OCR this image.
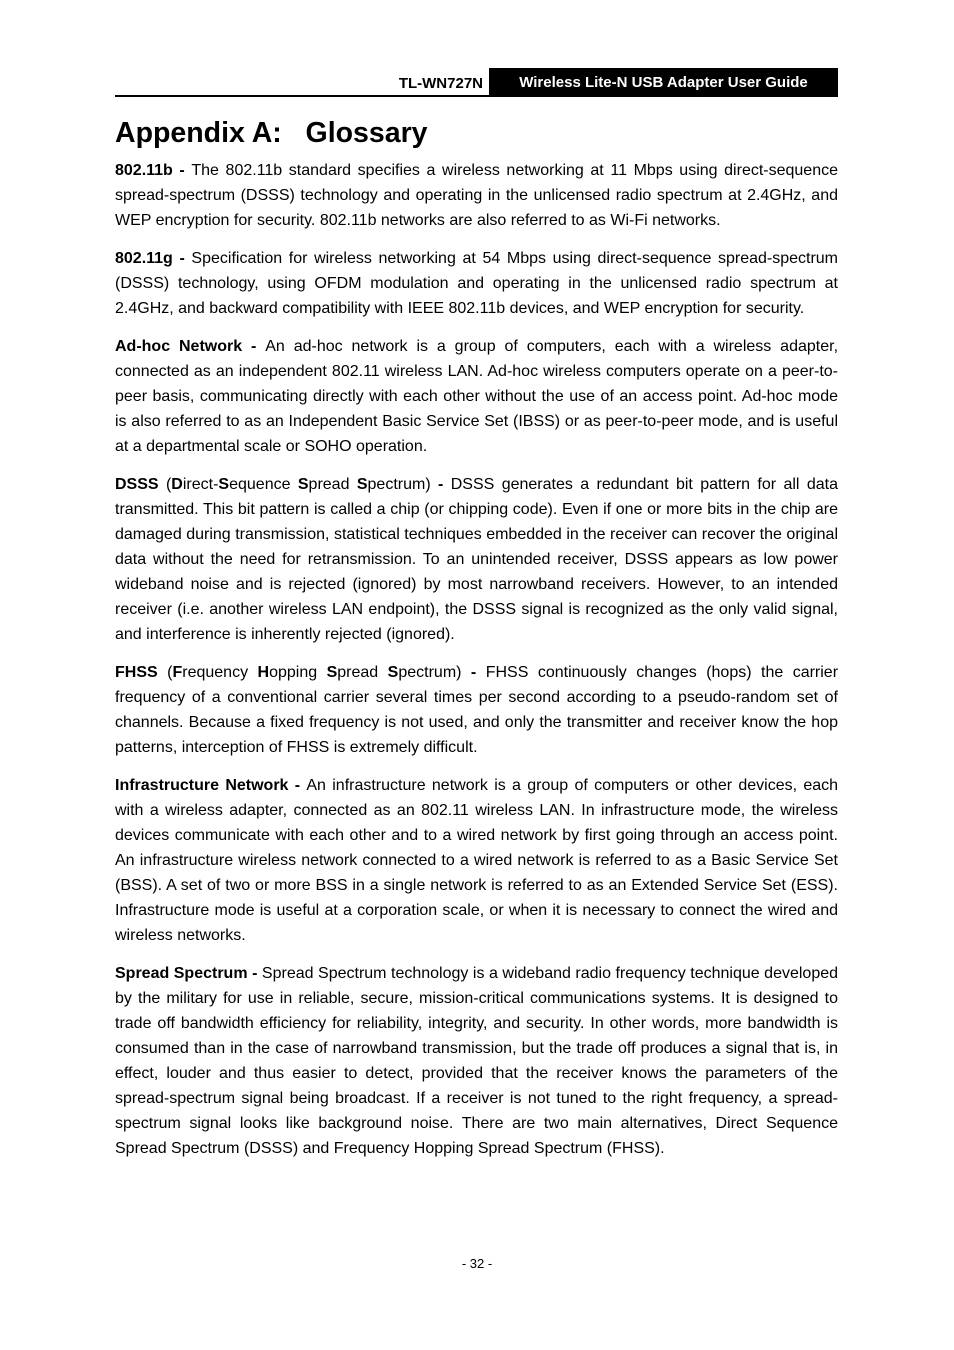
TL-WN727N	Wireless Lite-N USB Adapter User Guide
Appendix A:   Glossary

802.11b - The 802.11b standard specifies a wireless networking at 11 Mbps using direct-sequence spread-spectrum (DSSS) technology and operating in the unlicensed radio spectrum at 2.4GHz, and WEP encryption for security. 802.11b networks are also referred to as Wi-Fi networks.

802.11g - Specification for wireless networking at 54 Mbps using direct-sequence spread-spectrum (DSSS) technology, using OFDM modulation and operating in the unlicensed radio spectrum at 2.4GHz, and backward compatibility with IEEE 802.11b devices, and WEP encryption for security.

Ad-hoc Network - An ad-hoc network is a group of computers, each with a wireless adapter, connected as an independent 802.11 wireless LAN. Ad-hoc wireless computers operate on a peer-to-peer basis, communicating directly with each other without the use of an access point. Ad-hoc mode is also referred to as an Independent Basic Service Set (IBSS) or as peer-to-peer mode, and is useful at a departmental scale or SOHO operation.

DSSS (Direct-Sequence Spread Spectrum) - DSSS generates a redundant bit pattern for all data transmitted. This bit pattern is called a chip (or chipping code). Even if one or more bits in the chip are damaged during transmission, statistical techniques embedded in the receiver can recover the original data without the need for retransmission. To an unintended receiver, DSSS appears as low power wideband noise and is rejected (ignored) by most narrowband receivers. However, to an intended receiver (i.e. another wireless LAN endpoint), the DSSS signal is recognized as the only valid signal, and interference is inherently rejected (ignored).

FHSS (Frequency Hopping Spread Spectrum) - FHSS continuously changes (hops) the carrier frequency of a conventional carrier several times per second according to a pseudo-random set of channels. Because a fixed frequency is not used, and only the transmitter and receiver know the hop patterns, interception of FHSS is extremely difficult.

Infrastructure Network - An infrastructure network is a group of computers or other devices, each with a wireless adapter, connected as an 802.11 wireless LAN. In infrastructure mode, the wireless devices communicate with each other and to a wired network by first going through an access point. An infrastructure wireless network connected to a wired network is referred to as a Basic Service Set (BSS). A set of two or more BSS in a single network is referred to as an Extended Service Set (ESS). Infrastructure mode is useful at a corporation scale, or when it is necessary to connect the wired and wireless networks.

Spread Spectrum - Spread Spectrum technology is a wideband radio frequency technique developed by the military for use in reliable, secure, mission-critical communications systems. It is designed to trade off bandwidth efficiency for reliability, integrity, and security. In other words, more bandwidth is consumed than in the case of narrowband transmission, but the trade off produces a signal that is, in effect, louder and thus easier to detect, provided that the receiver knows the parameters of the spread-spectrum signal being broadcast. If a receiver is not tuned to the right frequency, a spread-spectrum signal looks like background noise. There are two main alternatives, Direct Sequence Spread Spectrum (DSSS) and Frequency Hopping Spread Spectrum (FHSS).

- 32 -
